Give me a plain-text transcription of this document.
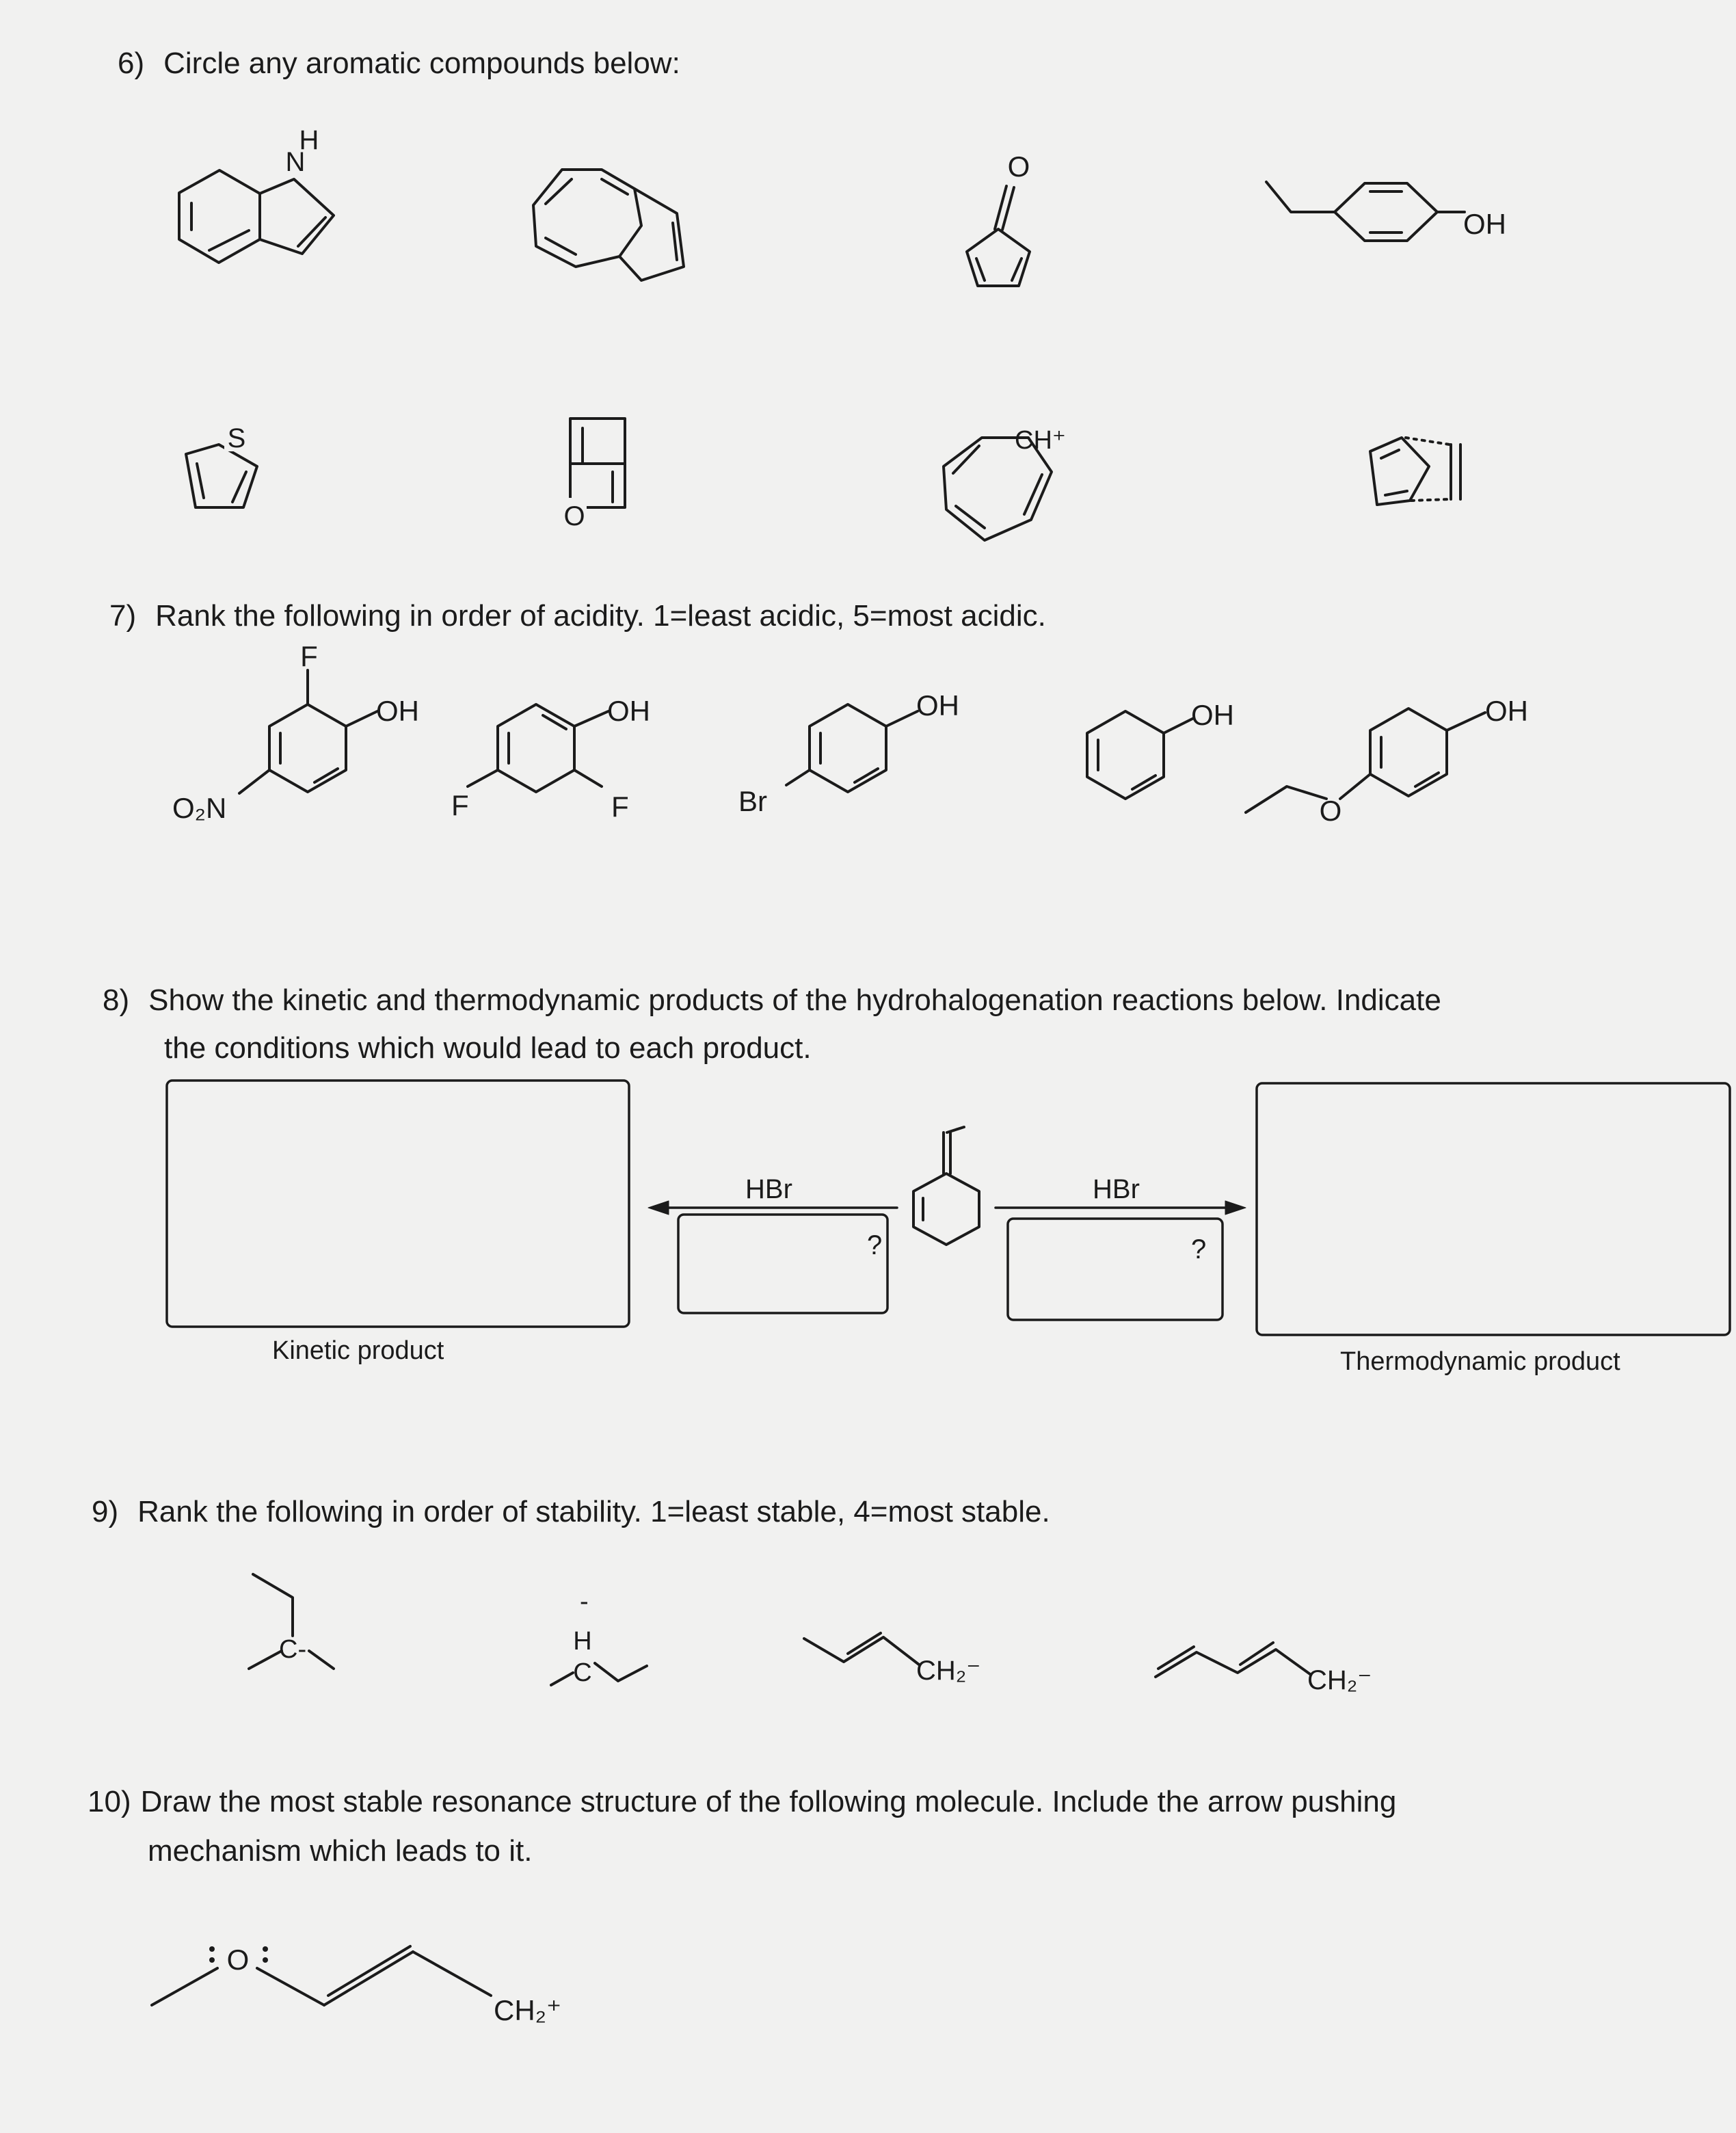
6) Circle any aromatic compounds below:
7) Rank the following in order of acidity. 1=least acidic, 5=most acidic.
8) Show the kinetic and thermodynamic products of the hydrohalogenation reactions below. Indicate
the conditions which would lead to each product.
9) Rank the following in order of stability. 1=least stable, 4=most stable.
10) Draw the most stable resonance structure of the following molecule. Include the arrow pushing
mechanism which leads to it.
Kinetic product	Thermodynamic product
N
H
O
OH
S
O
CH⁺
F
OH
O₂N
OH
F	F
OH
Br
OH	OH
O
?	?
HBr	HBr
C-
-
H
C	CH₂⁻	CH₂⁻
O
CH₂⁺
